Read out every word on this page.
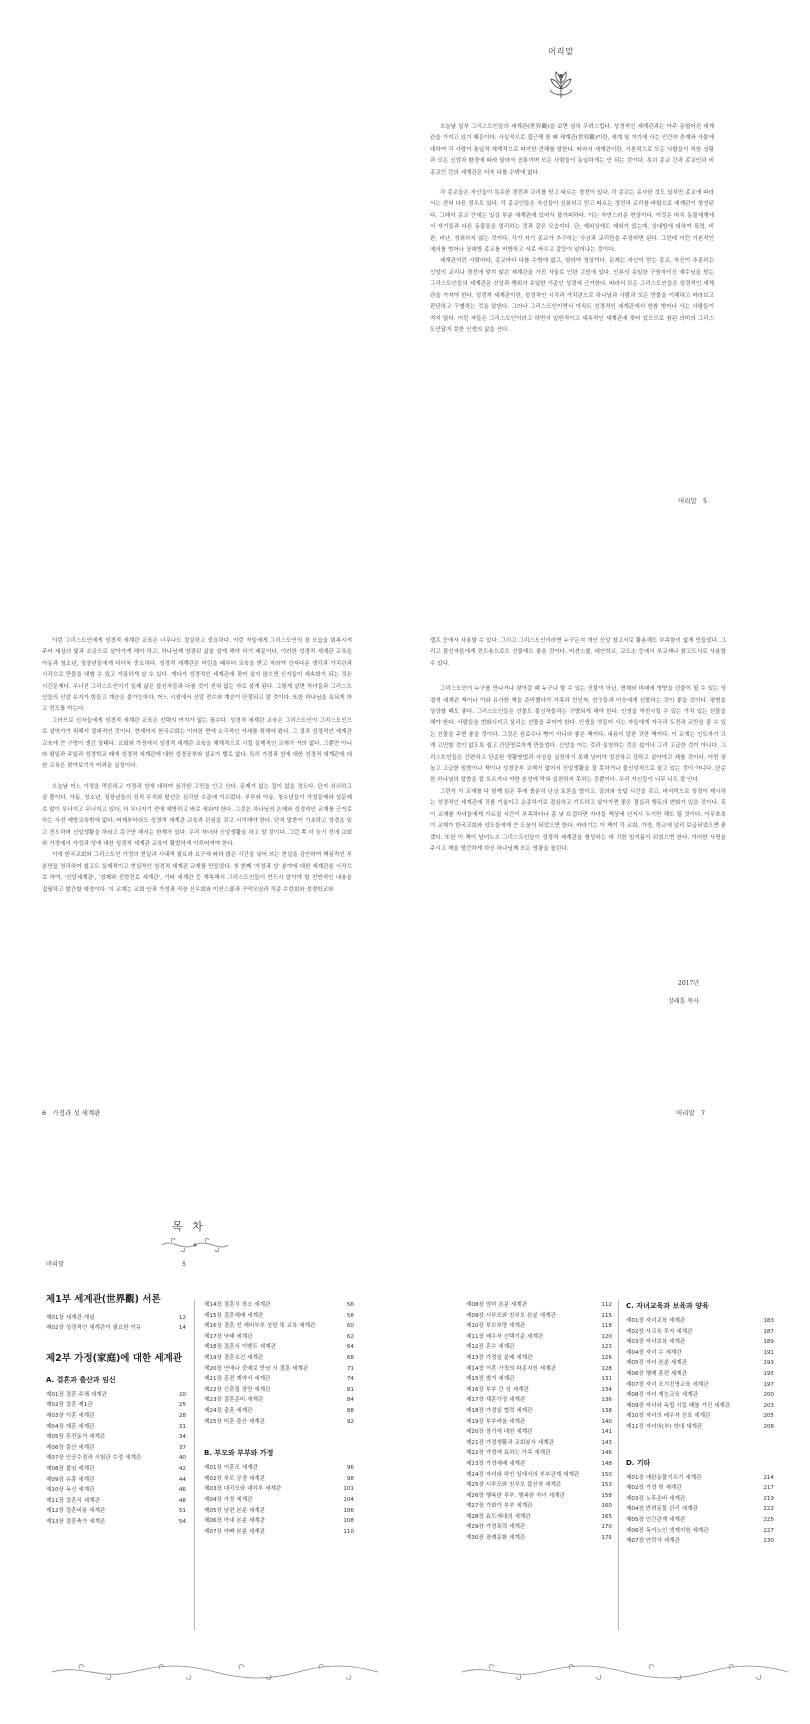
머리말

오늘날 일부 그리스도인들의 세계관(世界觀)을 보면 심히 우려스럽다. 성경적인 세계관과는 아주 동떨어진 세계관을 가지고 있기 때문이다. 사실적으로 접근해 볼 때 세계관(世界觀)이란, 세계 및 거기에 사는 인간의 존재와 사물에 대하여 각 사람이 통일적·체계적으로 파악한 견해를 말한다. 따라서 세계관이란, 기본적으로 모든 사람들이 처한 상황과 모든 신앙과 환경에 따라 달라서 공통이며 모든 사람들이 동일하게는 안 되는 것이다. 특히 종교 간과 종교인과 비종교인 간의 세계관은 더욱 다를 수밖에 없다.

각 종교들은 자신들이 특유한 경전과 교리를 믿고 따르는 경전이 있다. 각 종교는 유사한 것도 있지만 종교에 따라서는 전혀 다른 경우도 있다. 각 종교인들은 자신들이 신봉하고 믿고 따르는 경전과 교리를 바탕으로 세계관이 형성된다. 그래서 종교 간에는 일상 부분 세계관에 있어서 불가피하다. 이는 자연스러운 현상이다. 이것은 마치 동물세계에서 자기들과 다른 동물들을 멀리하는 것과 같은 모습이다. 단, 예외상에도 예외가 있는데, 상대방에 대하여 폭력, 비판, 비난, 정죄하지 않는 것이다. 각기 자기 종교가 추구하는 사상과 교리만을 주장하면 된다. 그런데 이런 기본적인 예의를 벗어나 상대방 종교를 비방하고 서로 싸우고 갈등이 일어나는 것이다.

세계관이란 사람마다, 종교마다 다를 수밖에 없고, 달라야 정상이다. 문제는 자신이 믿는 종교, 자신이 추종하는 신앙의 교리나 경전에 맞지 않은 세계관을 가진 자들로 인한 고민에 있다. 인류의 유일한 구원자이신 예수님을 믿는 그리스도인들의 세계관은 신앙과 행위의 유일한 기준인 성경에 근거한다. 따라서 모든 그리스도인들은 성경적인 세계관을 가져야 한다. 성경적 세계관이란, 성경적인 시각과 가치관으로 하나님과 사람과 모든 만물을 이해하고 바라보고 판단하고 구별하는 것을 말한다. 그러나 그리스도인이면서 아직도 성경적인 세계관에서 한참 벗어나 사는 사람들이 적지 않다. 이런 자들은 그리스도인이라고 하면서 일반적이고 세속적인 세계관에 젖어 있으므로 참된 의미의 그리스도인답지 못한 인생의 삶을 산다.

머리말 5

이런 그리스도인에게 성경적 세계관 교육은 너무나도 절실하고 중요하다. 이런 자들에게 그리스도인의 참 모습을 회복시켜주어 세상의 빛과 소금으로 살아가게 해야 하고, 하나님께 영광된 삶을 살게 해야 하기 때문이다. 이러한 성경적 세계관 교육은 아동과 청소년, 청장년들에게 더더욱 중요하다. 성경적 세계관은 어린을 때부터 교육을 받고 자라야 신자다운 생각과 가치관과 시각으로 만물을 대할 수 있고 거룩하게 살 수 있다. 게다가 성경적인 세계관에 젖어 살지 않으면 신자들이 세속화가 되는 것은 시간문제다. 무너진 그리스도인이기 실제 삶은 불신자들과 다를 것이 전혀 없는 자로 살게 된다. 그렇게 살면 자녀들과 그리스도인들의 신앙 유지가 힘들고 계승은 불가능하다. 어느 시점에서 신앙 전수와 계승이 단절되고 말 것이다. 또한 하나님을 욕되게 하고 전도를 막는다.

그러므로 신자들에게 성경적 세계관 교육은 선택의 여지가 없는 필수다. 성경적 세계관 교육은 그리스도인이 그리스도인으로 살아가기 위해서 절대적인 것이다. 현재까지 한국교회는 이러한 면에 소극적인 자세를 취해야 왔다. 그 결과 성경적인 세계관 교육에 큰 구멍이 생긴 상태다. 교회와 가정에서 성경적 세계관 교육을 체계적으로 시킬 실제적인 교재가 거의 없다. 그뿐만 아니라 평일과 주일과 성경학교 때에 성경적 세계관에 대한 성경공부와 설교가 별로 없다. 특히 가정과 성에 대한 성경적 세계관에 대한 교육은 찾아보기가 어려운 실정이다.

오늘날 어느 가정을 막론하고 가정과 성에 대하여 심각한 고민을 안고 산다. 문제가 없는 집이 없을 정도다. 단지 쉬쉬하고 살 뿐이다. 아동, 청소년, 청장년들의 성적 무지와 탈선은 심각한 수준에 이르렀다. 부부와 아동, 청소년들이 가정문제와 성문제로 많이 무너지고 무너지고 있다. 더 무너지기 전에 예방하고 바로 세워야 한다. 그것은 하나님의 은혜와 성경적인 교재를 근거로 하는 사전 예방교육밖에 없다. 어제부터라도 성경적 세계관 교육과 관심을 갖고 시작해야 한다. 단지 말씀이 기초하고 성경을 읽고 전도하며 신앙생활을 하라고 촉구만 해서는 한계가 있다. 우리 자녀와 신앙생활을 하고 말 것이다. 그런 쪽 더 늦기 전에 교회와 가정에서 가정과 성에 대한 성경적 세계관 교육이 활발하게 이루어져야 한다.

이에 한국교회와 그리스도인 가정의 현실과 시대적 필요와 요구에 따라 많은 시간을 넣어 쓰는 현실을 감안하여 핵심적인 부분만을 정리하여 쉽고도 실제적이고 현실적인 성경적 세계관 교재를 만들었다. 첫 번째 '가정과 성' 분야에 대한 세계관을 시작으로 하여, '신앙세계관', '경제와 진학진로 세계관', 기타 세계관 등 계속해서 그리스도인들이 반드시 알아야 할 전반적인 내용을 집필하고 발간할 예정이다. 이 교재는 교회 안과 가정과 직장 신우회와 미션스쿨과 구역모임과 각종 수련회와 성경학교와

6 가정과 성 세계관

캠프 등에서 사용할 수 있다. 그리고 그리스도인이라면 누구든지 개인 신앙 참고서로 활용해도 부족함이 없게 만들었다. 그리고 불신자들에게 전도용으로도 선물해도 좋을 것이다. 미션스쿨, 대안학교, 교도소 등에서 부교재나 참고도서로 사용할 수 있다.

그리스도인이 누구를 만나거나 찾아갈 때 누구나 할 수 있는 선물이 아닌, 현재와 미래에 영향을 선물이 될 수 있는 성경적 세계관 책이나 이와 유사한 책을 준비했다가 가족과 친인척, 친구들과 이웃에게 선물하는 것이 좋을 것이다. 평범을 상상할 때도 좋다. 그리스도인들은 선물도 불신자들과는 구별되게 해야 한다. 인생을 역전시킬 수 있는 가치 있는 선물을 해야 한다. 사람들을 변화시키고 살리는 선물을 주어야 한다. 인생을 엿들어 사는 자들에게 자극과 도전과 교만을 줄 수 있는 선물을 주면 좋을 것이다. 그것은 음료수나 빵이 아니라 좋은 책이다. 내용이 알찬 귀한 책이다. 이 교재는 인도자가 크게 고민할 것이 없도록 쉽고 간단명료하게 만들었다. 신앙을 아는 것과 실천하는 것은 쉽거나 그리 고급한 것이 아니다. 그리스도인들은 간편하고 단순한 생활방법과 사상을 실천하기 못해 넘어야 정진하고 강하고 살아야고 제를 것이다. 이번 장 높고 고급한 말씀이나 책이나 성경공부 교재가 없어서 신앙생활을 잘 못하거나 불신앙적으로 살고 있는 것이 아니다. 단순한 하나님의 말씀을 잘 모르거나 약한 본성에 막혀 실천하지 못하는 것뿐이다. 우리 자신들이 너무 나도 잘 안다.

그런즉 이 교재를 다 함께 읽은 후에 충분히 난상 토론을 벌이고, 질의와 응답 시간을 갖고, 마지막으로 성경이 제시하는 성경적인 세계관에 귀를 기울이고 순종하기로 결심하고 기도하고 살아가면 좋은 결실과 행동의 변화가 있을 것이다. 혹 이 교재를 자녀들에게 가르칠 시간이 부족하다나 좀 낮 뜨겁다면 자녀들 책상에 넌지시 두기만 해도 될 것이다. 아무쪼록 이 교재가 한국교회와 성도들에게 큰 도움이 되었으면 한다. 바라기는 이 책이 각 교회, 가정, 학교에 널리 보급되었으면 좋겠다. 또한 이 책이 남녀노소 그리스도인들이 성경적 세계관을 형성하는 데 귀한 밑거름이 되었으면 한다. 이러한 사명을 주시고 책을 발간하게 하신 하나님께 모든 영광을 돌린다.

2017년
장래훈 목사
머리말 7
목 차
머리말	5

제1부 세계관(世界觀) 서론

제01장 세계관 개념	12
제02장 성경적인 세계관이 필요한 이유	14

제2부 가정(家庭)에 대한 세계관

A. 결혼과 출산과 임신

제01장 결혼 주체 세계관	20
제02장 결혼 제1관	25
제03장 이혼 세계관	28
제04장 재혼 세계관	31
제05장 혼전동거 세계관	34
제06장 출산 세계관	37
제07장 인공수정과 시험관 수정 세계관	40
제08장 불임 세계관	42
제09장 유흥 세계관	44
제10장 독신 세계관	46
제11장 결혼식 세계관	48
제12장 결혼비용 세계관	51
제13장 결혼축가 세계관	54
제14장 결혼식 장소 세계관	56
제15장 결혼예배 세계관	58
제16장 결혼 전 예비부부 상담 및 교육 세계관	60
제17장 낙태 세계관	62
제18장 결혼식 이벤트 세계관	64
제19장 결혼조건 세계관	68
제20장 연애나 중매로 만남 시 결혼 세계관	71
제21장 혼전 계약서 세계관	74
제22장 신혼집 장만 세계관	81
제23장 결혼준비 세계관	84
제24장 출혼 세계관	88
제25장 미혼 출산 세계관	92

B. 부모와 부부와 가정

제01장 이혼모 세계관	96
제02장 부모 공경 세계관	98
제03장 대리모와 대리부 세계관	101
제04장 가정 세계관	104
제05장 남편 본분 세계관	106
제06장 아내 본분 세계관	108
제07장 아빠 본분 세계관	110
제08장 엄마 본분 세계관	112
제09장 시부모와 친부모 본분 세계관	115
제10장 부모부양 세계관	118
제11장 배우자 선택기준 세계관	120
제12장 혼수 세계관	123
제13장 가정일 분배 세계관	126
제14장 이혼 가정의 파종지원 세계관	128
제15장 별거 세계관	131
제16장 부부 간 성 세계관	134
제17장 재혼가정 세계관	136
제18장 가정일 협력 세계관	138
제19장 부부싸움 세계관	140
제20장 장기에 대한 세계관	141
제21장 가정생활과 교회봉사 세계관	143
제22장 가정에 효하는 가족 세계관	146
제23장 가정예배 세계관	148
제24장 자녀와 하인 일에서의 부부관계 세계관	150
제25장 시부모와 친부모 불신자 세계관	153
제26장 행복한 부부, 행복한 자녀 세계관	158
제27장 가화가 부부 세계관	160
제28장 효도세대의 세계관	165
제29장 가정폭력 세계관	170
제30장 장례문화 세계관	175

C. 자녀교육과 보육과 양육

제01장 자녀교육 세계관	183
제02장 사교육 투자 세계관	187
제03장 자녀보육 세계관	189
제04장 자녀 수 세계관	191
제05장 자녀 본분 세계관	193
제06장 행례 훈련 세계관	195
제07장 자녀 조기진영교육 세계관	197
제08장 자녀 재능교육 세계관	200
제09장 자녀와 독립 시킬 때를 가진 세계관	203
제10장 자녀의 배우자 선호 세계관	205
제11장 자녀의(부) 학대 세계관	208

D. 기타

제01장 애완동물기르기 세계관	214
제02장 가정 빚 세계관	217
제03장 노후준비 세계관	219
제04장 반려동물 관리 세계관	222
제05장 인간관계 세계관	225
제06장 독거노인 생계지원 세계관	227
제07장 안락사 세계관	230
